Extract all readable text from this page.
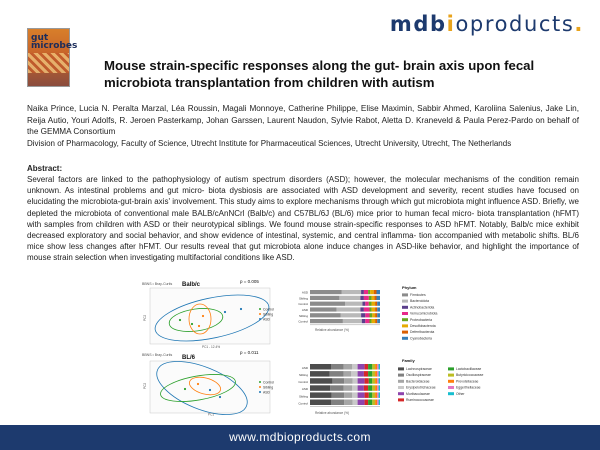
mdbioproducts.
gut microbes
Mouse strain-specific responses along the gut- brain axis upon fecal microbiota transplantation from children with autism
Naika Prince, Lucia N. Peralta Marzal, Léa Roussin, Magali Monnoye, Catherine Philippe, Elise Maximin, Sabbir Ahmed, Karoliina Salenius, Jake Lin, Reija Autio, Youri Adolfs, R. Jeroen Pasterkamp, Johan Garssen, Laurent Naudon, Sylvie Rabot, Aletta D. Kraneveld & Paula Perez-Pardo on behalf of the GEMMA Consortium
Division of Pharmacology, Faculty of Science, Utrecht Institute for Pharmaceutical Sciences, Utrecht University, Utrecht, The Netherlands
Abstract:
Several factors are linked to the pathophysiology of autism spectrum disorders (ASD); however, the molecular mechanisms of the condition remain unknown. As intestinal problems and gut micro- biota dysbiosis are associated with ASD development and severity, recent studies have focused on elucidating the microbiota-gut-brain axis' involvement. This study aims to explore mechanisms through which gut microbiota might influence ASD. Briefly, we depleted the microbiota of conventional male BALB/cAnNCrl (Balb/c) and C57BL/6J (BL/6) mice prior to human fecal micro- biota transplantation (hFMT) with samples from children with ASD or their neurotypical siblings. We found mouse strain-specific responses to ASD hFMT. Notably, Balb/c mice exhibit decreased exploratory and social behavior, and show evidence of intestinal, systemic, and central inflamma- tion accompanied with metabolic shifts. BL/6 mice show less changes after hFMT. Our results reveal that gut microbiota alone induce changes in ASD-like behavior, and highlight the importance of mouse strain selection when investigating multifactorial conditions like ASD.
BBNS • Bray-Curtis Balb/c
p = 0.005
Control
Sibling
ASD
PC1 - 12.4%
PC2
BBNS • Bray-Curtis BL/6
p = 0.011
Control
Sibling
ASD
PC1
PC2
Relative abundance (%)
ASD
Sibling
Control
ASD
Sibling
Control
Phylum
Firmicutes
Bacteroidota
Actinobacteriota
Verrucomicrobiota
Proteobacteria
Desulfobacterota
Deferribacterota
Cyanobacteria
Relative abundance (%)
ASD
Sibling
Control
ASD
Sibling
Control
Family
Lachnospiraceae
Oscillospiraceae
Bacteroidaceae
Erysipelotrichaceae
Muribaculaceae
Ruminococcaceae
Lactobacillaceae
Butyricicoccaceae
Prevotellaceae
Eggerthellaceae
Other
www.mdbioproducts.com
